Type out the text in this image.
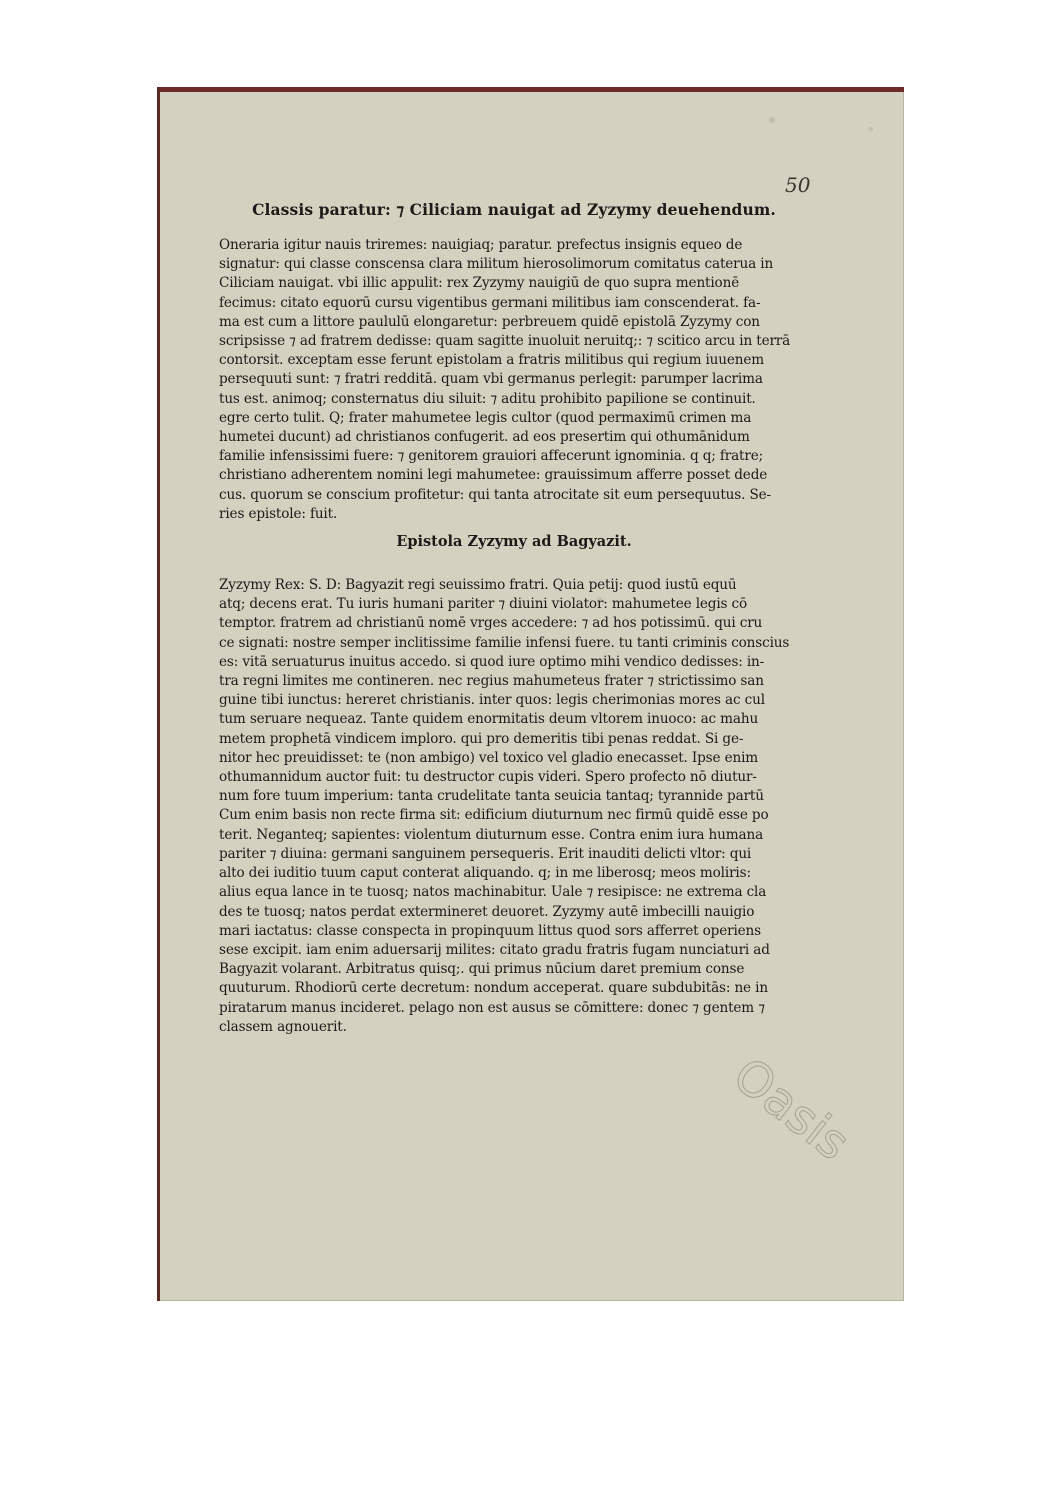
50
Classis paratur: ⁊ Ciliciam nauigat ad Zyzymy deuehendum.
Oneraria igitur nauis triremes: nauigiaq; paratur. prefectus insignis equeo de
signatur: qui classe conscensa clara militum hierosolimorum comitatus caterua in
Ciliciam nauigat. vbi illic appulit: rex Zyzymy nauigiū de quo supra mentionē
fecimus: citato equorū cursu vigentibus germani militibus iam conscenderat. fa-
ma est cum a littore paululū elongaretur: perbreuem quidē epistolā Zyzymy con
scripsisse ⁊ ad fratrem dedisse: quam sagitte inuoluit neruitq;: ⁊ scitico arcu in terrā
contorsit. exceptam esse ferunt epistolam a fratris militibus qui regium iuuenem
persequuti sunt: ⁊ fratri redditā. quam vbi germanus perlegit: parumper lacrima
tus est. animoq; consternatus diu siluit: ⁊ aditu prohibito papilione se continuit.
egre certo tulit. Q; frater mahumetee legis cultor (quod permaximū crimen ma
humetei ducunt) ad christianos confugerit. ad eos presertim qui othumānidum
familie infensissimi fuere: ⁊ genitorem grauiori affecerunt ignominia. q q; fratre;
christiano adherentem nomini legi mahumetee: grauissimum afferre posset dede
cus. quorum se conscium profitetur: qui tanta atrocitate sit eum persequutus. Se-
ries epistole: fuit.
Epistola Zyzymy ad Bagyazit.
Zyzymy Rex: S. D: Bagyazit regi seuissimo fratri. Quia petij: quod iustū equū
atq; decens erat. Tu iuris humani pariter ⁊ diuini violator: mahumetee legis cō
temptor. fratrem ad christianū nomē vrges accedere: ⁊ ad hos potissimū. qui cru
ce signati: nostre semper inclitissime familie infensi fuere. tu tanti criminis conscius
es: vitā seruaturus inuitus accedo. si quod iure optimo mihi vendico dedisses: in-
tra regni limites me contineren. nec regius mahumeteus frater ⁊ strictissimo san
guine tibi iunctus: hereret christianis. inter quos: legis cherimonias mores ac cul
tum seruare nequeaz. Tante quidem enormitatis deum vltorem inuoco: ac mahu
metem prophetā vindicem imploro. qui pro demeritis tibi penas reddat. Si ge-
nitor hec preuidisset: te (non ambigo) vel toxico vel gladio enecasset. Ipse enim
othumannidum auctor fuit: tu destructor cupis videri. Spero profecto nō diutur-
num fore tuum imperium: tanta crudelitate tanta seuicia tantaq; tyrannide partū
Cum enim basis non recte firma sit: edificium diuturnum nec firmū quidē esse po
terit. Neganteq; sapientes: violentum diuturnum esse. Contra enim iura humana
pariter ⁊ diuina: germani sanguinem persequeris. Erit inauditi delicti vltor: qui
alto dei iuditio tuum caput conterat aliquando. q; in me liberosq; meos moliris:
alius equa lance in te tuosq; natos machinabitur. Uale ⁊ resipisce: ne extrema cla
des te tuosq; natos perdat extermineret deuoret. Zyzymy autē imbecilli nauigio
mari iactatus: classe conspecta in propinquum littus quod sors afferret operiens
sese excipit. iam enim aduersarij milites: citato gradu fratris fugam nunciaturi ad
Bagyazit volarant. Arbitratus quisq;. qui primus nūcium daret premium conse
quuturum. Rhodiorū certe decretum: nondum acceperat. quare subdubitās: ne in
piratarum manus incideret. pelago non est ausus se cōmittere: donec ⁊ gentem ⁊
classem agnouerit.
Oasis
